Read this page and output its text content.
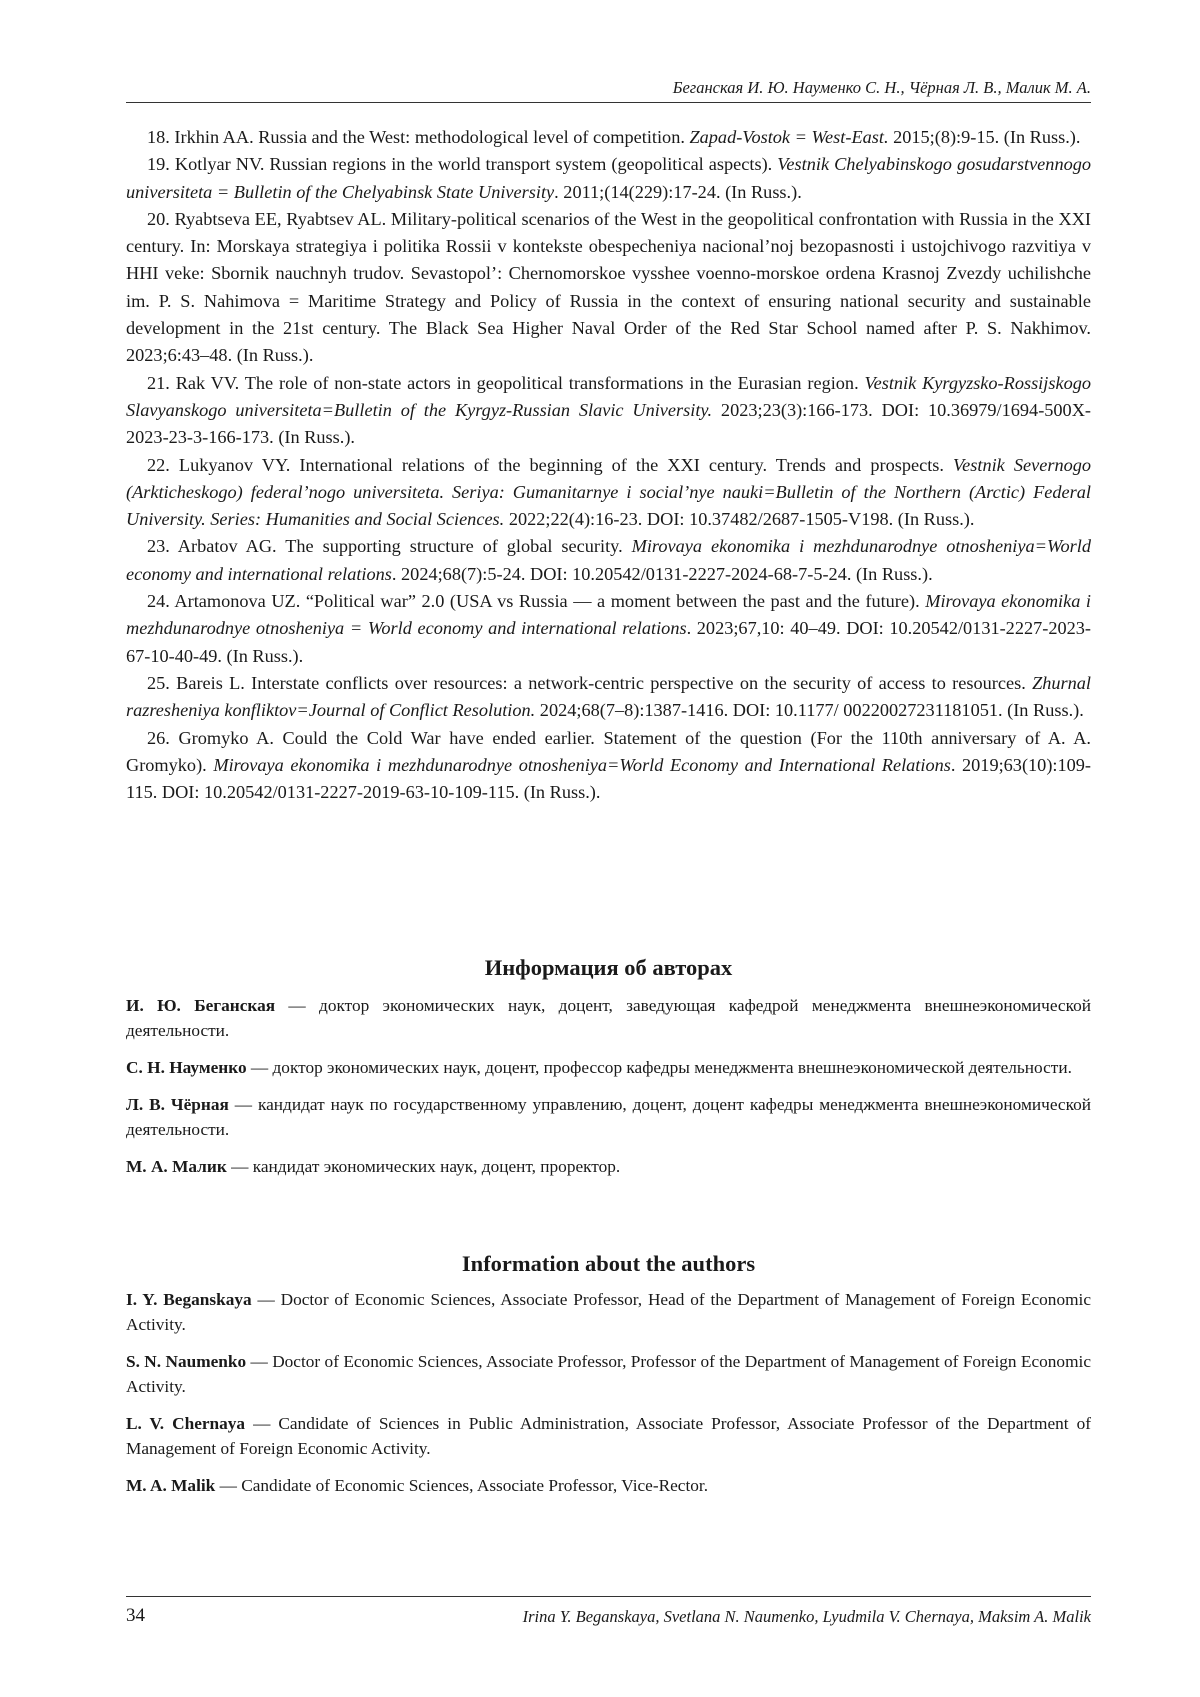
Беганская И. Ю. Науменко С. Н., Чёрная Л. В., Малик М. А.

18. Irkhin AA. Russia and the West: methodological level of competition. Zapad-Vostok = West-East. 2015;(8):9-15. (In Russ.).

19. Kotlyar NV. Russian regions in the world transport system (geopolitical aspects). Vestnik Chelyabinskogo gosudarstvennogo universiteta = Bulletin of the Chelyabinsk State University. 2011;(14(229):17-24. (In Russ.).

20. Ryabtseva EE, Ryabtsev AL. Military-political scenarios of the West in the geopolitical confrontation with Russia in the XXI century. In: Morskaya strategiya i politika Rossii v kontekste obespecheniya nacional’noj bezopasnosti i ustojchivogo razvitiya v HHI veke: Sbornik nauchnyh trudov. Sevastopol’: Chernomorskoe vysshee voenno-morskoe ordena Krasnoj Zvezdy uchilishche im. P. S. Nahimova = Maritime Strategy and Policy of Russia in the context of ensuring national security and sustainable development in the 21st century. The Black Sea Higher Naval Order of the Red Star School named after P. S. Nakhimov. 2023;6:43–48. (In Russ.).

21. Rak VV. The role of non-state actors in geopolitical transformations in the Eurasian region. Vestnik Kyrgyzsko-Rossijskogo Slavyanskogo universiteta=Bulletin of the Kyrgyz-Russian Slavic University. 2023;23(3):166-173. DOI: 10.36979/1694-500X-2023-23-3-166-173. (In Russ.).

22. Lukyanov VY. International relations of the beginning of the XXI century. Trends and prospects. Vestnik Severnogo (Arkticheskogo) federal’nogo universiteta. Seriya: Gumanitarnye i social’nye nauki=Bulletin of the Northern (Arctic) Federal University. Series: Humanities and Social Sciences. 2022;22(4):16-23. DOI: 10.37482/2687-1505-V198. (In Russ.).

23. Arbatov AG. The supporting structure of global security. Mirovaya ekonomika i mezhdunarodnye otnosheniya=World economy and international relations. 2024;68(7):5-24. DOI: 10.20542/0131-2227-2024-68-7-5-24. (In Russ.).

24. Artamonova UZ. “Political war” 2.0 (USA vs Russia — a moment between the past and the future). Mirovaya ekonomika i mezhdunarodnye otnosheniya = World economy and international relations. 2023;67,10: 40–49. DOI: 10.20542/0131-2227-2023-67-10-40-49. (In Russ.).

25. Bareis L. Interstate conflicts over resources: a network-centric perspective on the security of access to resources. Zhurnal razresheniya konfliktov=Journal of Conflict Resolution. 2024;68(7–8):1387-1416. DOI: 10.1177/ 00220027231181051. (In Russ.).

26. Gromyko A. Could the Cold War have ended earlier. Statement of the question (For the 110th anniversary of A. A. Gromyko). Mirovaya ekonomika i mezhdunarodnye otnosheniya=World Economy and International Relations. 2019;63(10):109-115. DOI: 10.20542/0131-2227-2019-63-10-109-115. (In Russ.).

Информация об авторах

И. Ю. Беганская — доктор экономических наук, доцент, заведующая кафедрой менеджмента внешнеэкономической деятельности.

С. Н. Науменко — доктор экономических наук, доцент, профессор кафедры менеджмента внешнеэкономической деятельности.

Л. В. Чёрная — кандидат наук по государственному управлению, доцент, доцент кафедры менеджмента внешнеэкономической деятельности.

М. А. Малик — кандидат экономических наук, доцент, проректор.

Information about the authors

I. Y. Beganskaya — Doctor of Economic Sciences, Associate Professor, Head of the Department of Management of Foreign Economic Activity.

S. N. Naumenko — Doctor of Economic Sciences, Associate Professor, Professor of the Department of Management of Foreign Economic Activity.

L. V. Chernaya — Candidate of Sciences in Public Administration, Associate Professor, Associate Professor of the Department of Management of Foreign Economic Activity.

M. A. Malik — Candidate of Economic Sciences, Associate Professor, Vice-Rector.

34	Irina Y. Beganskaya, Svetlana N. Naumenko, Lyudmila V. Chernaya, Maksim A. Malik
